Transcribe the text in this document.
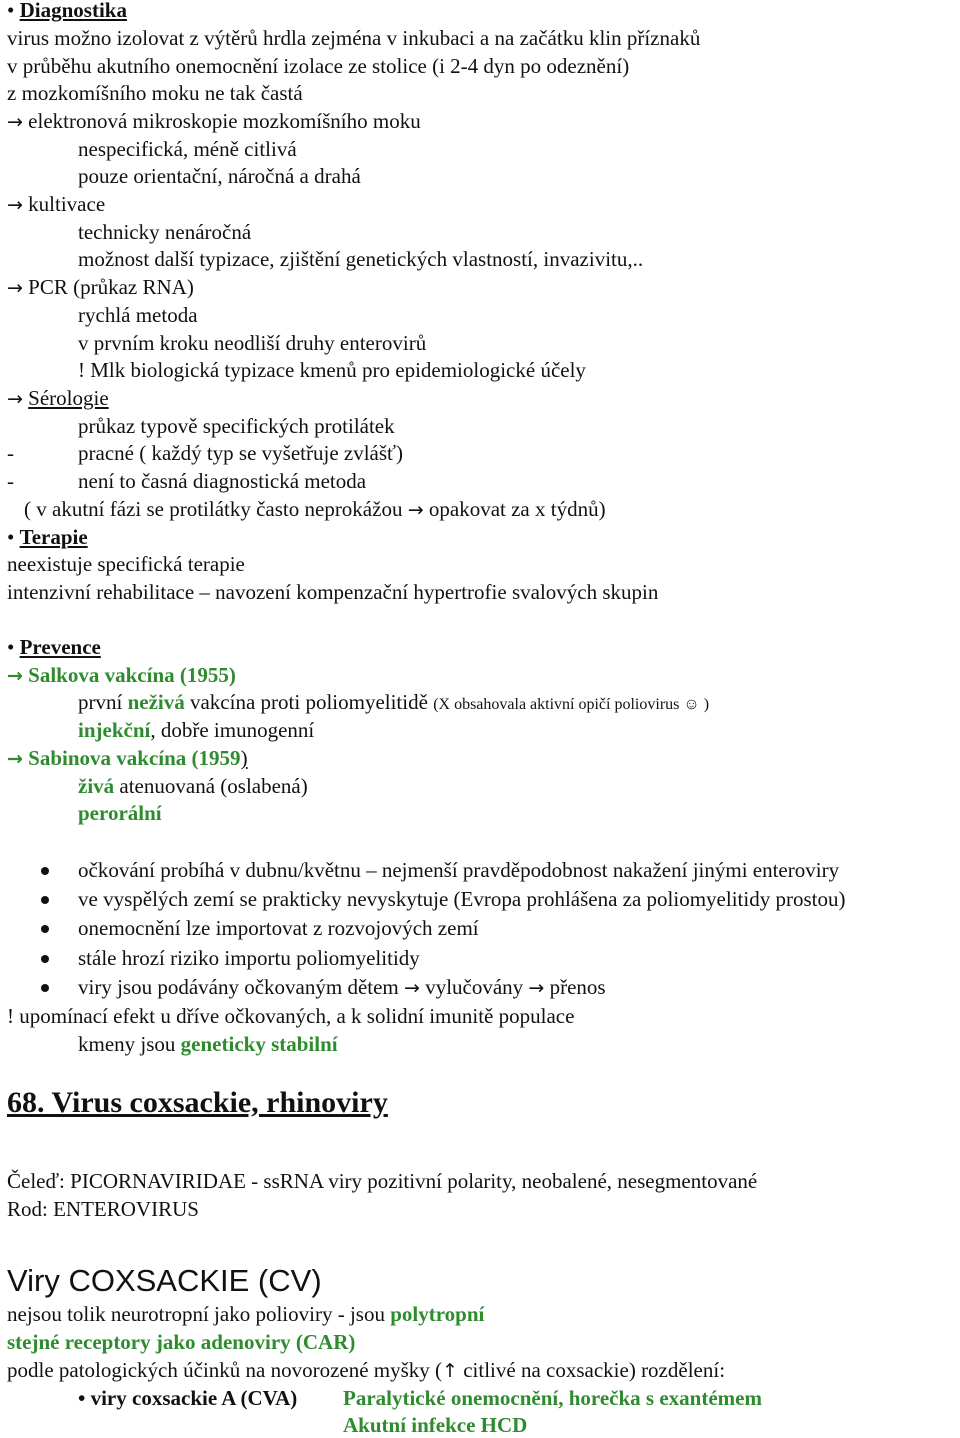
• Diagnostika
virus možno izolovat z výtěrů hrdla zejména v inkubaci a na začátku klin příznaků
v průběhu akutního onemocnění izolace ze stolice (i 2-4 dyn po odeznění)
z mozkomíšního moku ne tak častá
→ elektronová mikroskopie mozkomíšního moku
nespecifická, méně citlivá
pouze orientační, náročná a drahá
→ kultivace
technicky nenáročná
možnost další typizace, zjištění genetických vlastností, invazivitu,..
→ PCR (průkaz RNA)
rychlá metoda
v prvním kroku neodliší druhy enterovirů
! Mlk biologická typizace kmenů pro epidemiologické účely
→ Sérologie
průkaz typově specifických protilátek
-	pracné ( každý typ se vyšetřuje zvlášť)
-	není to časná diagnostická metoda
( v akutní fázi se protilátky často neprokážou → opakovat za x týdnů)
• Terapie
neexistuje specifická terapie
intenzivní rehabilitace – navození kompenzační hypertrofie svalových skupin
• Prevence
→ Salkova vakcína (1955)
první neživá vakcína proti poliomyelitidě (X obsahovala aktivní opičí poliovirus ☺ )
injekční, dobře imunogenní
→ Sabinova vakcína (1959)
živá atenuovaná (oslabená)
perorální
očkování probíhá v dubnu/květnu – nejmenší pravděpodobnost nakažení jinými enteroviry
ve vyspělých zemí se prakticky nevyskytuje (Evropa prohlášena za poliomyelitidy prostou)
onemocnění lze importovat z rozvojových zemí
stále hrozí riziko importu poliomyelitidy
viry jsou podávány očkovaným dětem → vylučovány → přenos
! upomínací efekt u dříve očkovaných, a k solidní imunitě populace
kmeny jsou geneticky stabilní
68. Virus coxsackie, rhinoviry
Čeleď: PICORNAVIRIDAE - ssRNA viry pozitivní polarity, neobalené, nesegmentované
Rod: ENTEROVIRUS
Viry COXSACKIE (CV)
nejsou tolik neurotropní jako polioviry - jsou polytropní
stejné receptory jako adenoviry (CAR)
podle patologických účinků na novorozené myšky (↑ citlivé na coxsackie) rozdělení:
• viry coxsackie A (CVA) Paralytické onemocnění, horečka s exantémem
Akutní infekce HCD
